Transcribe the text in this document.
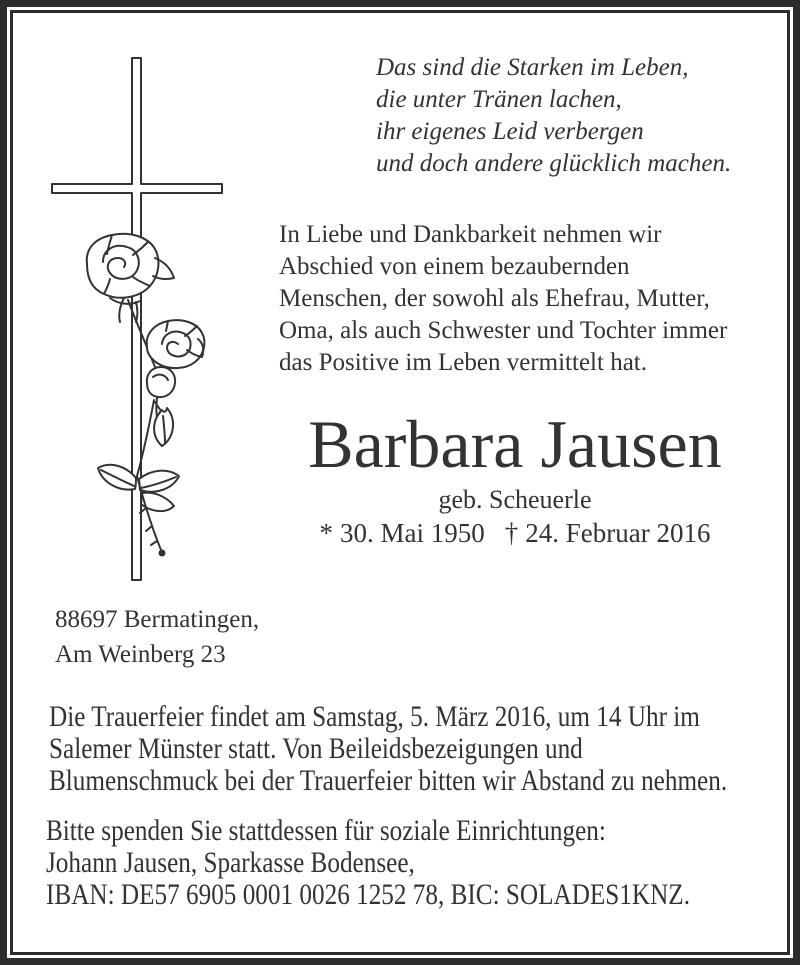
Das sind die Starken im Leben,
die unter Tränen lachen,
ihr eigenes Leid verbergen
und doch andere glücklich machen.
In Liebe und Dankbarkeit nehmen wir
Abschied von einem bezaubernden
Menschen, der sowohl als Ehefrau, Mutter,
Oma, als auch Schwester und Tochter immer
das Positive im Leben vermittelt hat.
Barbara Jausen
geb. Scheuerle
* 30. Mai 1950 † 24. Februar 2016
88697 Bermatingen,
Am Weinberg 23
Die Trauerfeier findet am Samstag, 5. März 2016, um 14 Uhr im
Salemer Münster statt. Von Beileidsbezeigungen und
Blumenschmuck bei der Trauerfeier bitten wir Abstand zu nehmen.
Bitte spenden Sie stattdessen für soziale Einrichtungen:
Johann Jausen, Sparkasse Bodensee,
IBAN: DE57 6905 0001 0026 1252 78, BIC: SOLADES1KNZ.
